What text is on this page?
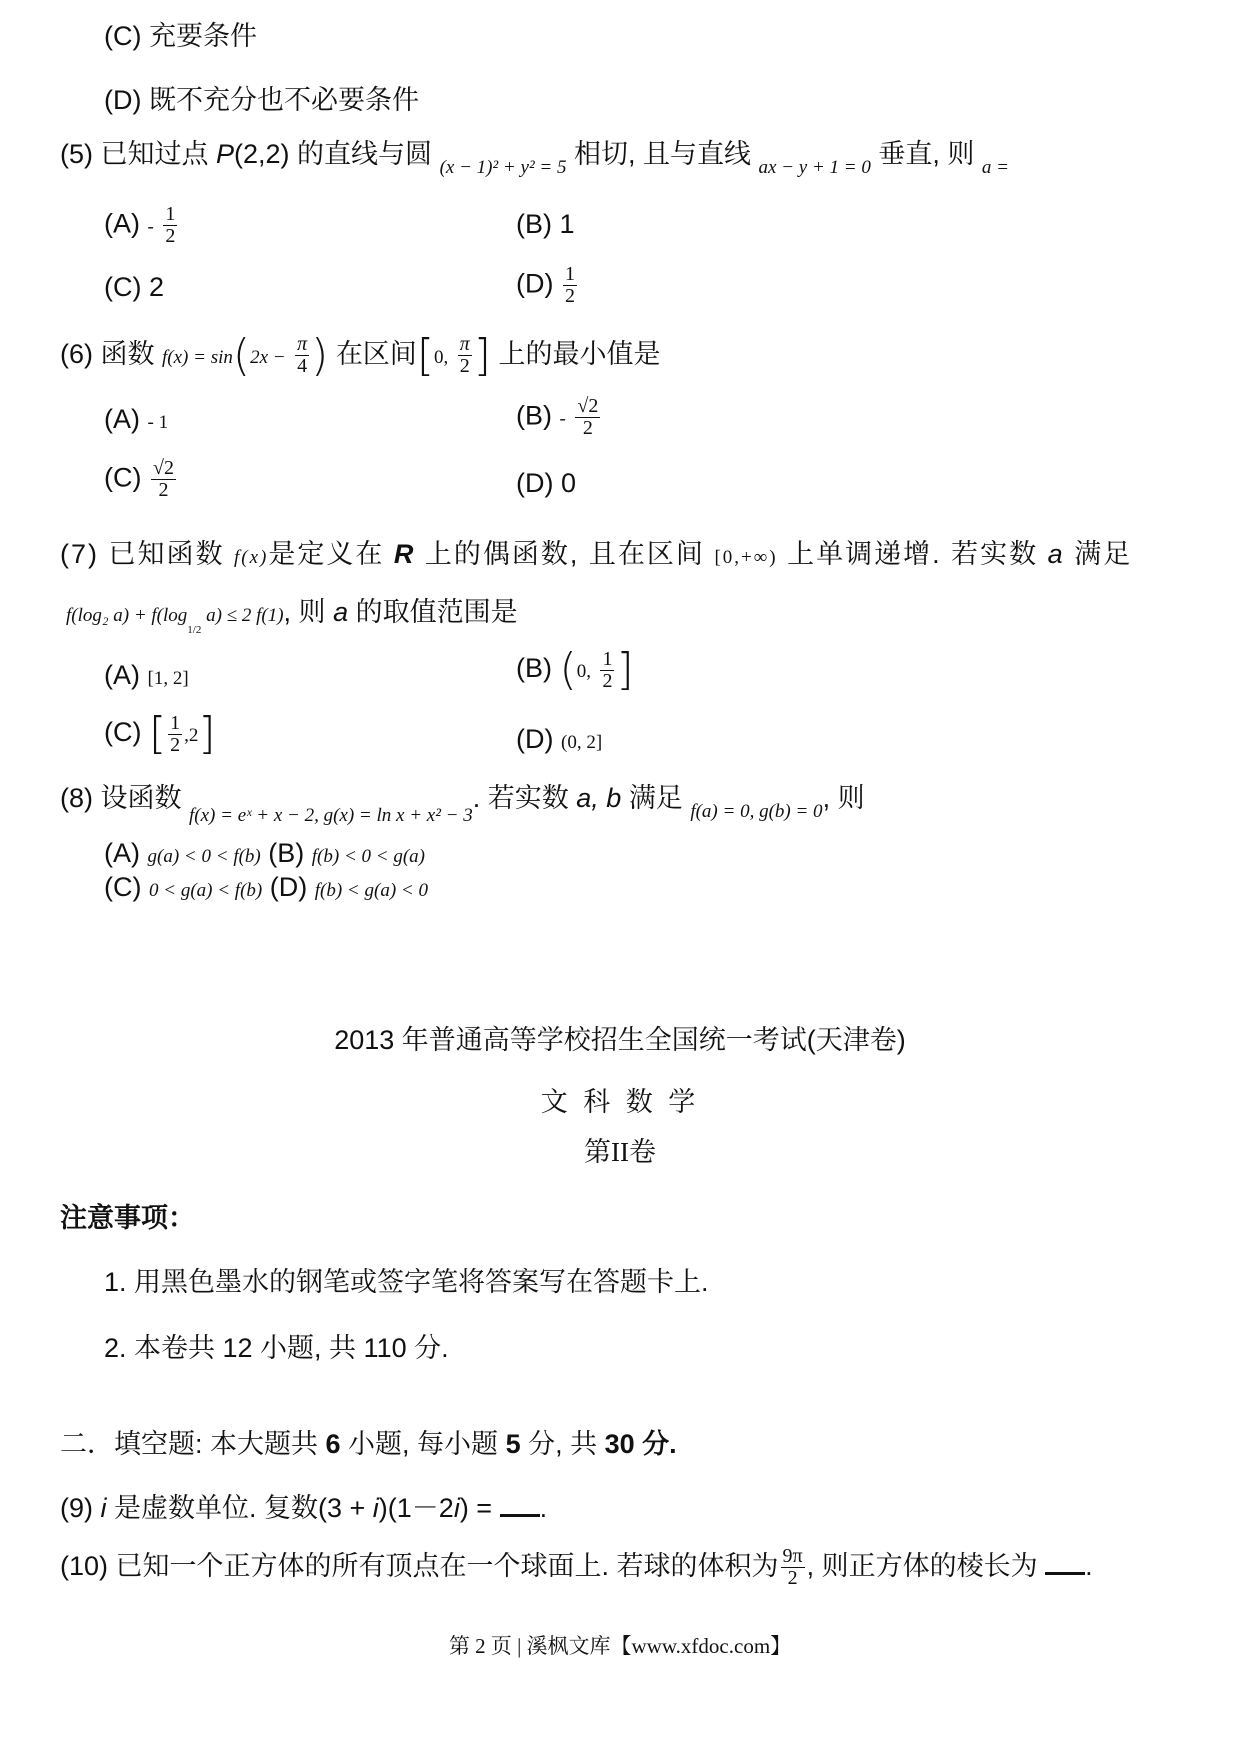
(C) 充要条件
(D) 既不充分也不必要条件
(5) 已知过点 P(2,2) 的直线与圆 $_{(x - 1)^2 + y^2 = 5}$ 相切, 且与直线 $_{ax - y + 1 = 0}$ 垂直, 则 $_{a =}$
$(A) - \frac{1}{2}$	(B) 1
(C) 2	$(D) \frac{1}{2}$
(6) 函数 $f(x) = \sin(2x - \frac{\pi}{4}$ ) 在区间[0, $\frac{\pi}{2}$ ] 上的最小值是
(A) - 1	$(B) - \frac{√2}{2}$
$(C) \frac{√2}{2}$	(D) 0
(7) 已知函数 f(x)是定义在 R 上的偶函数, 且在区间 [0,+∞) 上单调递增. 若实数 a 满足
f(log₂ $a) + f(\log_{1/2}$ a) ≤ 2 f(1), 则 a 的取值范围是
(A) [1, 2]	(B) (0, $\frac{1}{2}$ ]
(C) [ $\frac{1}{2} ,2$]	(D) (0, 2]
(8) 设函数 $_{f(x) = eˣ + x - 2, g(x) = ln x + x^2 - 3}$. 若实数 a, b 满足 $_{f(a) = 0, g(b) = 0}$, 则
(A) g(a) < 0 < f(b) (B) f(b) < 0 < g(a)
(C) 0 < g(a) < f(b) (D) f(b) < g(a) < 0
2013 年普通高等学校招生全国统一考试(天津卷)
文 科 数 学
第II卷
注意事项：
1. 用黑色墨水的钢笔或签字笔将答案写在答题卡上.
2. 本卷共 12 小题, 共 110 分.
二．填空题: 本大题共 6 小题, 每小题 5 分, 共 30 分.
(9) i 是虚数单位. 复数(3 + i)(1－2i) = .
(10) 已知一个正方体的所有顶点在一个球面上. 若球的体积为 $\frac{9\pi}{2}$ , 则正方体的棱长为 .
第 2 页 | 溪枫文库【www.xfdoc.com】
